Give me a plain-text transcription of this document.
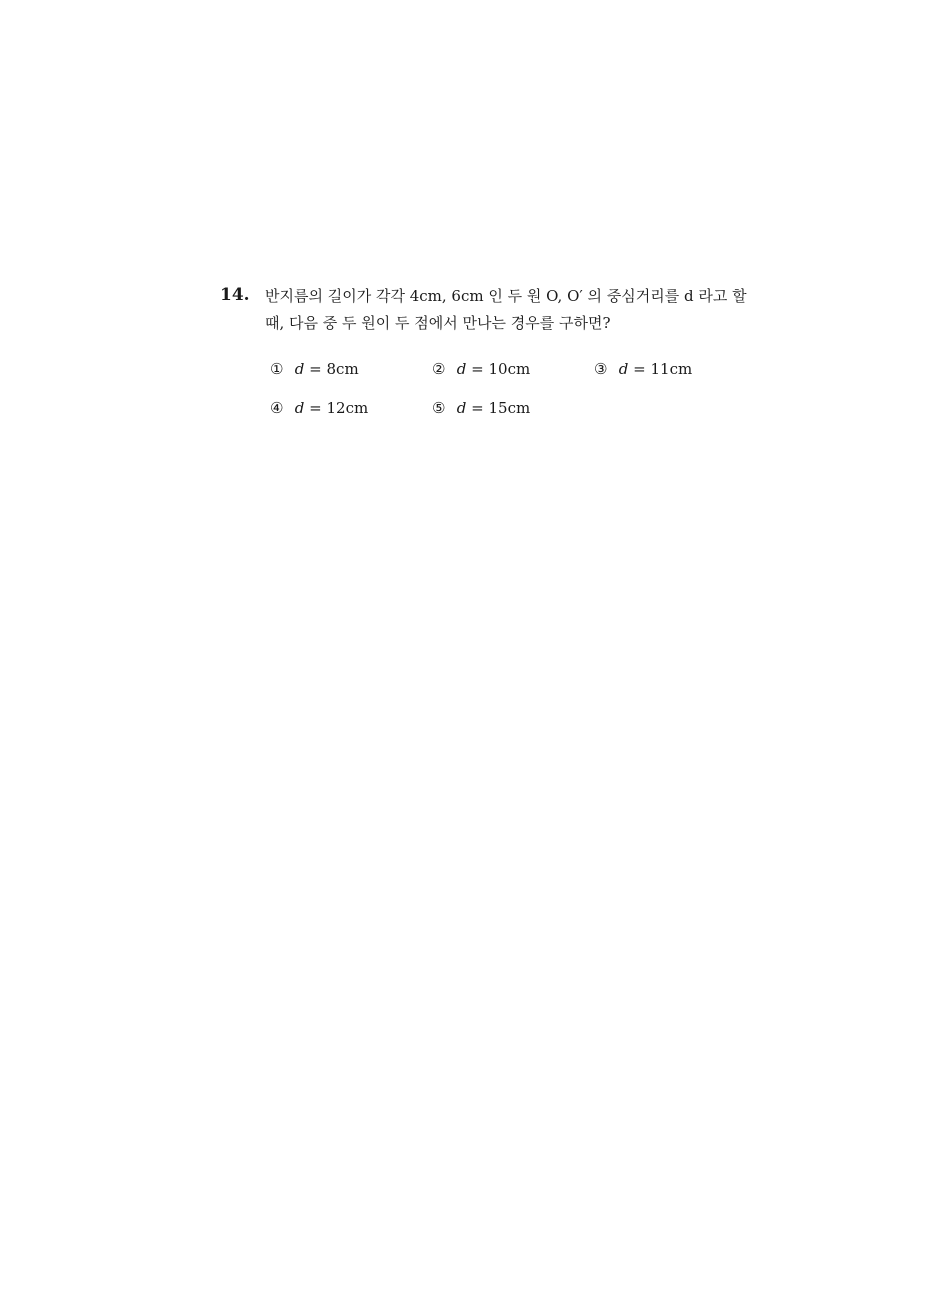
14. 반지름의 길이가 각각 4cm, 6cm 인 두 원 O, O′ 의 중심거리를 d 라고 할
때, 다음 중 두 원이 두 점에서 만나는 경우를 구하면?
① d = 8cm	② d = 10cm	③ d = 11cm
④ d = 12cm	⑤ d = 15cm
